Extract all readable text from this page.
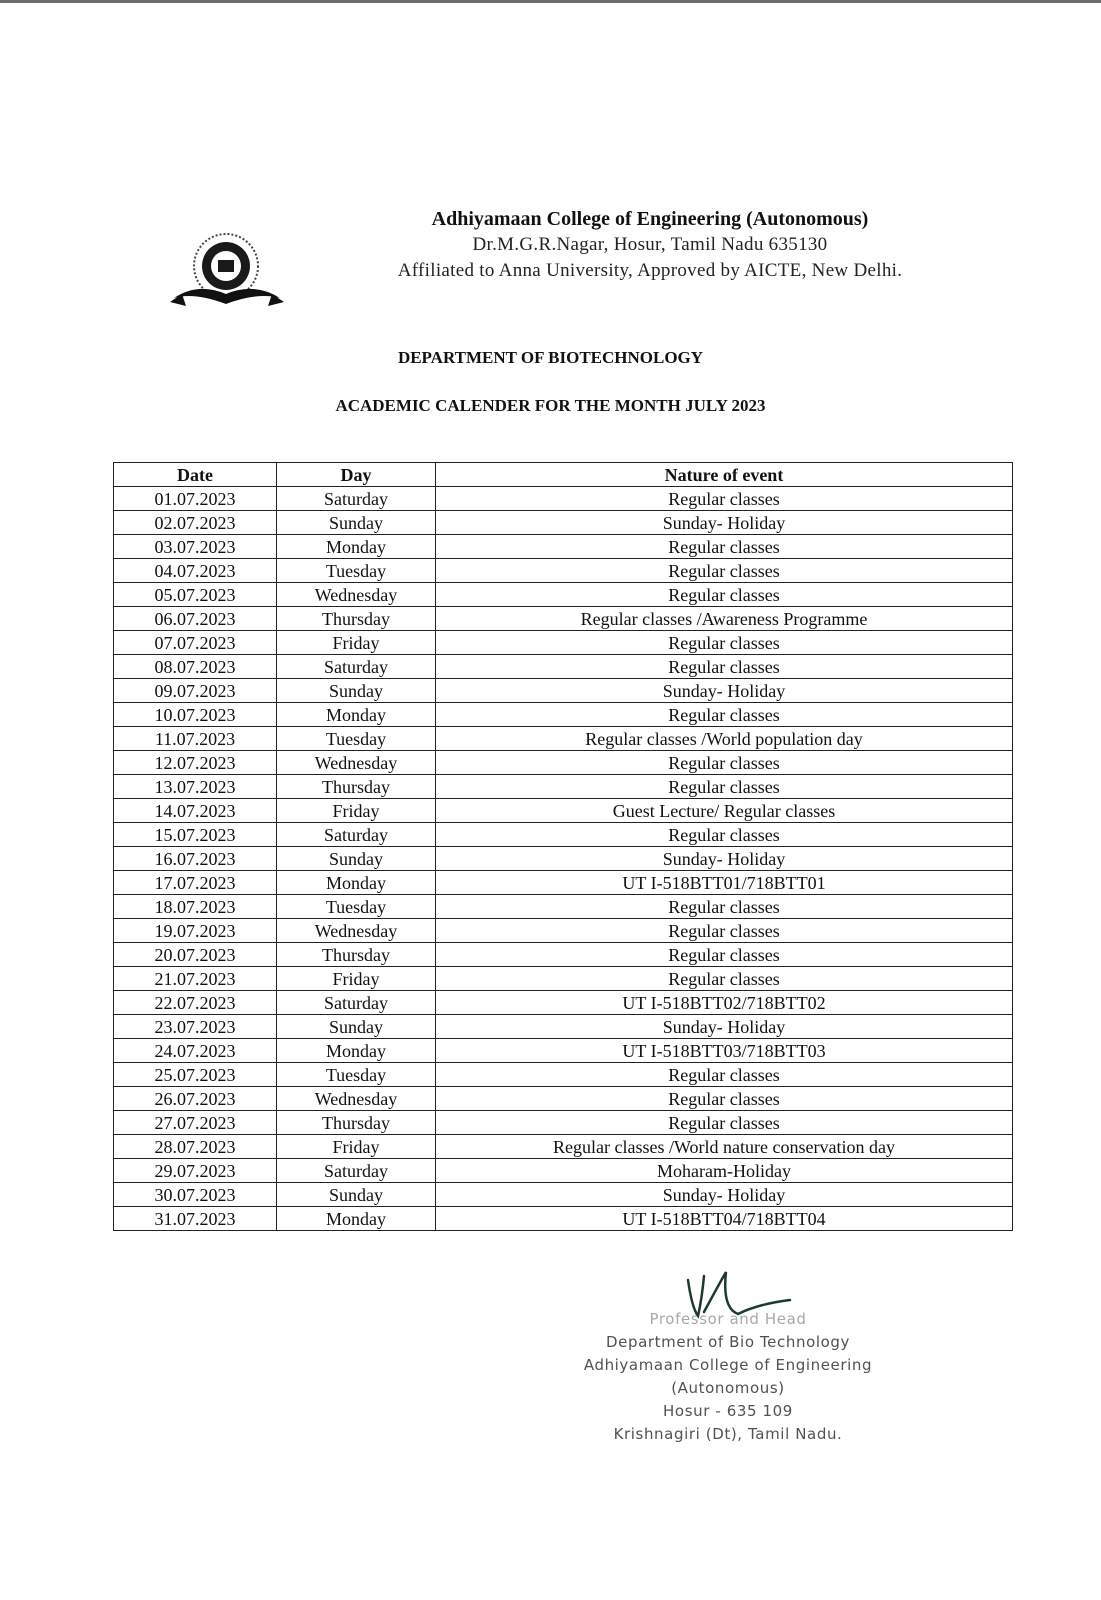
Adhiyamaan College of Engineering (Autonomous)
Dr.M.G.R.Nagar, Hosur, Tamil Nadu 635130
Affiliated to Anna University, Approved by AICTE, New Delhi.
DEPARTMENT OF BIOTECHNOLOGY
ACADEMIC CALENDER FOR THE MONTH JULY 2023
Date	Day	Nature of event
01.07.2023	Saturday	Regular classes
02.07.2023	Sunday	Sunday- Holiday
03.07.2023	Monday	Regular classes
04.07.2023	Tuesday	Regular classes
05.07.2023	Wednesday	Regular classes
06.07.2023	Thursday	Regular classes /Awareness Programme
07.07.2023	Friday	Regular classes
08.07.2023	Saturday	Regular classes
09.07.2023	Sunday	Sunday- Holiday
10.07.2023	Monday	Regular classes
11.07.2023	Tuesday	Regular classes /World population day
12.07.2023	Wednesday	Regular classes
13.07.2023	Thursday	Regular classes
14.07.2023	Friday	Guest Lecture/ Regular classes
15.07.2023	Saturday	Regular classes
16.07.2023	Sunday	Sunday- Holiday
17.07.2023	Monday	UT I-518BTT01/718BTT01
18.07.2023	Tuesday	Regular classes
19.07.2023	Wednesday	Regular classes
20.07.2023	Thursday	Regular classes
21.07.2023	Friday	Regular classes
22.07.2023	Saturday	UT I-518BTT02/718BTT02
23.07.2023	Sunday	Sunday- Holiday
24.07.2023	Monday	UT I-518BTT03/718BTT03
25.07.2023	Tuesday	Regular classes
26.07.2023	Wednesday	Regular classes
27.07.2023	Thursday	Regular classes
28.07.2023	Friday	Regular classes /World nature conservation day
29.07.2023	Saturday	Moharam-Holiday
30.07.2023	Sunday	Sunday- Holiday
31.07.2023	Monday	UT I-518BTT04/718BTT04
Professor and Head
Department of Bio Technology
Adhiyamaan College of Engineering (Autonomous)
Hosur - 635 109
Krishnagiri (Dt), Tamil Nadu.
